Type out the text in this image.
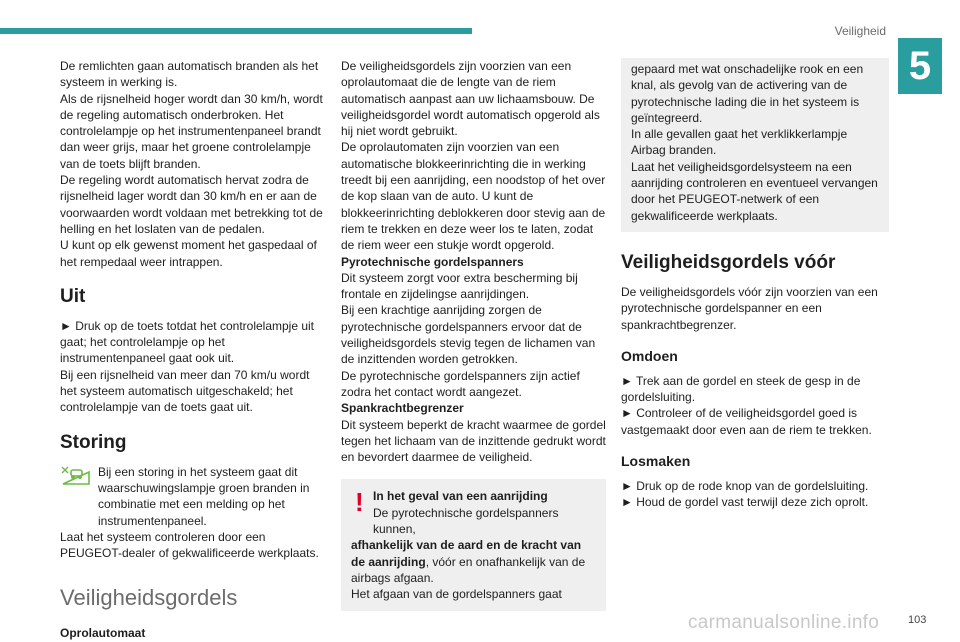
Veiligheid
5

De remlichten gaan automatisch branden als het systeem in werking is.

Als de rijsnelheid hoger wordt dan 30 km/h, wordt de regeling automatisch onderbroken. Het controlelampje op het instrumentenpaneel brandt dan weer grijs, maar het groene controlelampje van de toets blijft branden.

De regeling wordt automatisch hervat zodra de rijsnelheid lager wordt dan 30 km/h en er aan de voorwaarden wordt voldaan met betrekking tot de helling en het loslaten van de pedalen.

U kunt op elk gewenst moment het gaspedaal of het rempedaal weer intrappen.

Uit

► Druk op de toets totdat het controlelampje uit gaat; het controlelampje op het instrumentenpaneel gaat ook uit.

Bij een rijsnelheid van meer dan 70 km/u wordt het systeem automatisch uitgeschakeld; het controlelampje van de toets gaat uit.

Storing

Bij een storing in het systeem gaat dit waarschuwingslampje groen branden in combinatie met een melding op het instrumentenpaneel.

Laat het systeem controleren door een PEUGEOT-dealer of gekwalificeerde werkplaats.

Veiligheidsgordels

Oprolautomaat

De veiligheidsgordels zijn voorzien van een oprolautomaat die de lengte van de riem automatisch aanpast aan uw lichaamsbouw. De veiligheidsgordel wordt automatisch opgerold als hij niet wordt gebruikt.

De oprolautomaten zijn voorzien van een automatische blokkeerinrichting die in werking treedt bij een aanrijding, een noodstop of het over de kop slaan van de auto. U kunt de blokkeerinrichting deblokkeren door stevig aan de riem te trekken en deze weer los te laten, zodat de riem weer een stukje wordt opgerold.

Pyrotechnische gordelspanners

Dit systeem zorgt voor extra bescherming bij frontale en zijdelingse aanrijdingen.

Bij een krachtige aanrijding zorgen de pyrotechnische gordelspanners ervoor dat de veiligheidsgordels stevig tegen de lichamen van de inzittenden worden getrokken.

De pyrotechnische gordelspanners zijn actief zodra het contact wordt aangezet.

Spankrachtbegrenzer

Dit systeem beperkt de kracht waarmee de gordel tegen het lichaam van de inzittende gedrukt wordt en bevordert daarmee de veiligheid.

! In het geval van een aanrijding

De pyrotechnische gordelspanners kunnen, afhankelijk van de aard en de kracht van de aanrijding, vóór en onafhankelijk van de airbags afgaan.

Het afgaan van de gordelspanners gaat

gepaard met wat onschadelijke rook en een knal, als gevolg van de activering van de pyrotechnische lading die in het systeem is geïntegreerd.

In alle gevallen gaat het verklikkerlampje Airbag branden.

Laat het veiligheidsgordelsysteem na een aanrijding controleren en eventueel vervangen door het PEUGEOT-netwerk of een gekwalificeerde werkplaats.

Veiligheidsgordels vóór

De veiligheidsgordels vóór zijn voorzien van een pyrotechnische gordelspanner en een spankrachtbegrenzer.

Omdoen

► Trek aan de gordel en steek de gesp in de gordelsluiting.

► Controleer of de veiligheidsgordel goed is vastgemaakt door even aan de riem te trekken.

Losmaken

► Druk op de rode knop van de gordelsluiting.

► Houd de gordel vast terwijl deze zich oprolt.

carmanualsonline.info	103
